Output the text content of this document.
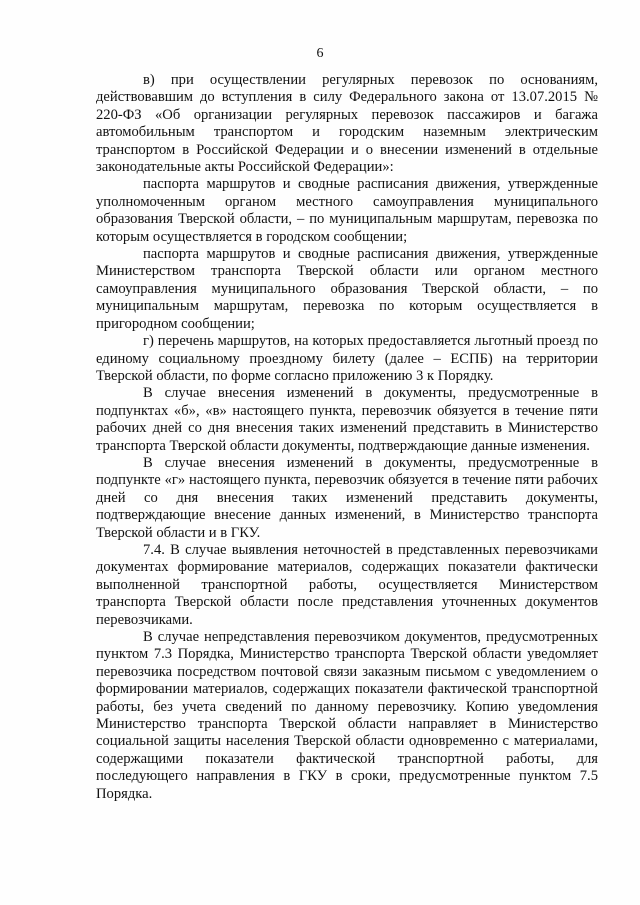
6

в) при осуществлении регулярных перевозок по основаниям, действовавшим до вступления в силу Федерального закона от 13.07.2015 № 220-ФЗ «Об организации регулярных перевозок пассажиров и багажа автомобильным транспортом и городским наземным электрическим транспортом в Российской Федерации и о внесении изменений в отдельные законодательные акты Российской Федерации»:

паспорта маршрутов и сводные расписания движения, утвержденные уполномоченным органом местного самоуправления муниципального образования Тверской области, – по муниципальным маршрутам, перевозка по которым осуществляется в городском сообщении;

паспорта маршрутов и сводные расписания движения, утвержденные Министерством транспорта Тверской области или органом местного самоуправления муниципального образования Тверской области, – по муниципальным маршрутам, перевозка по которым осуществляется в пригородном сообщении;

г) перечень маршрутов, на которых предоставляется льготный проезд по единому социальному проездному билету (далее – ЕСПБ) на территории Тверской области, по форме согласно приложению 3 к Порядку.

В случае внесения изменений в документы, предусмотренные в подпунктах «б», «в» настоящего пункта, перевозчик обязуется в течение пяти рабочих дней со дня внесения таких изменений представить в Министерство транспорта Тверской области документы, подтверждающие данные изменения.

В случае внесения изменений в документы, предусмотренные в подпункте «г» настоящего пункта, перевозчик обязуется в течение пяти рабочих дней со дня внесения таких изменений представить документы, подтверждающие внесение данных изменений, в Министерство транспорта Тверской области и в ГКУ.

7.4. В случае выявления неточностей в представленных перевозчиками документах формирование материалов, содержащих показатели фактически выполненной транспортной работы, осуществляется Министерством транспорта Тверской области после представления уточненных документов перевозчиками.

В случае непредставления перевозчиком документов, предусмотренных пунктом 7.3 Порядка, Министерство транспорта Тверской области уведомляет перевозчика посредством почтовой связи заказным письмом с уведомлением о формировании материалов, содержащих показатели фактической транспортной работы, без учета сведений по данному перевозчику. Копию уведомления Министерство транспорта Тверской области направляет в Министерство социальной защиты населения Тверской области одновременно с материалами, содержащими показатели фактической транспортной работы, для последующего направления в ГКУ в сроки, предусмотренные пунктом 7.5 Порядка.
